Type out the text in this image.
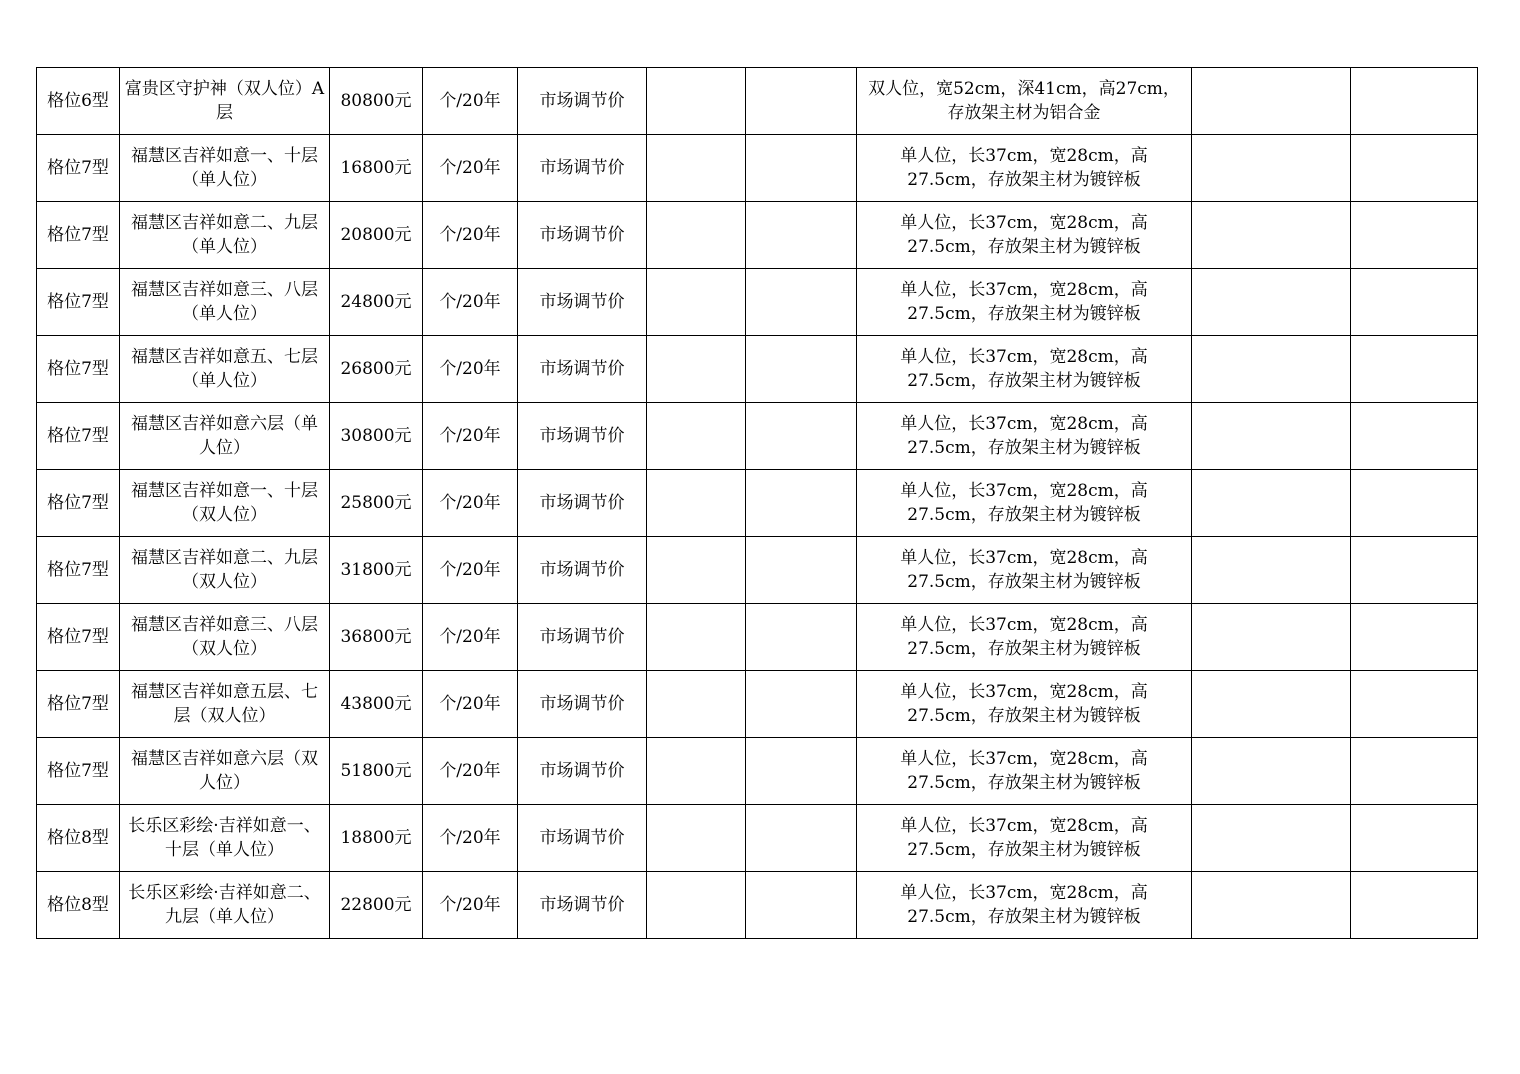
格位6型	富贵区守护神（双人位）A层	80800元	个/20年	市场调节价			双人位，宽52cm，深41cm，高27cm，存放架主材为铝合金		
格位7型	福慧区吉祥如意一、十层（单人位）	16800元	个/20年	市场调节价			单人位，长37cm，宽28cm，高27.5cm，存放架主材为镀锌板		
格位7型	福慧区吉祥如意二、九层（单人位）	20800元	个/20年	市场调节价			单人位，长37cm，宽28cm，高27.5cm，存放架主材为镀锌板		
格位7型	福慧区吉祥如意三、八层（单人位）	24800元	个/20年	市场调节价			单人位，长37cm，宽28cm，高27.5cm，存放架主材为镀锌板		
格位7型	福慧区吉祥如意五、七层（单人位）	26800元	个/20年	市场调节价			单人位，长37cm，宽28cm，高27.5cm，存放架主材为镀锌板		
格位7型	福慧区吉祥如意六层（单人位）	30800元	个/20年	市场调节价			单人位，长37cm，宽28cm，高27.5cm，存放架主材为镀锌板		
格位7型	福慧区吉祥如意一、十层（双人位）	25800元	个/20年	市场调节价			单人位，长37cm，宽28cm，高27.5cm，存放架主材为镀锌板		
格位7型	福慧区吉祥如意二、九层（双人位）	31800元	个/20年	市场调节价			单人位，长37cm，宽28cm，高27.5cm，存放架主材为镀锌板		
格位7型	福慧区吉祥如意三、八层（双人位）	36800元	个/20年	市场调节价			单人位，长37cm，宽28cm，高27.5cm，存放架主材为镀锌板		
格位7型	福慧区吉祥如意五层、七层（双人位）	43800元	个/20年	市场调节价			单人位，长37cm，宽28cm，高27.5cm，存放架主材为镀锌板		
格位7型	福慧区吉祥如意六层（双人位）	51800元	个/20年	市场调节价			单人位，长37cm，宽28cm，高27.5cm，存放架主材为镀锌板		
格位8型	长乐区彩绘·吉祥如意一、十层（单人位）	18800元	个/20年	市场调节价			单人位，长37cm，宽28cm，高27.5cm，存放架主材为镀锌板		
格位8型	长乐区彩绘·吉祥如意二、九层（单人位）	22800元	个/20年	市场调节价			单人位，长37cm，宽28cm，高27.5cm，存放架主材为镀锌板		
